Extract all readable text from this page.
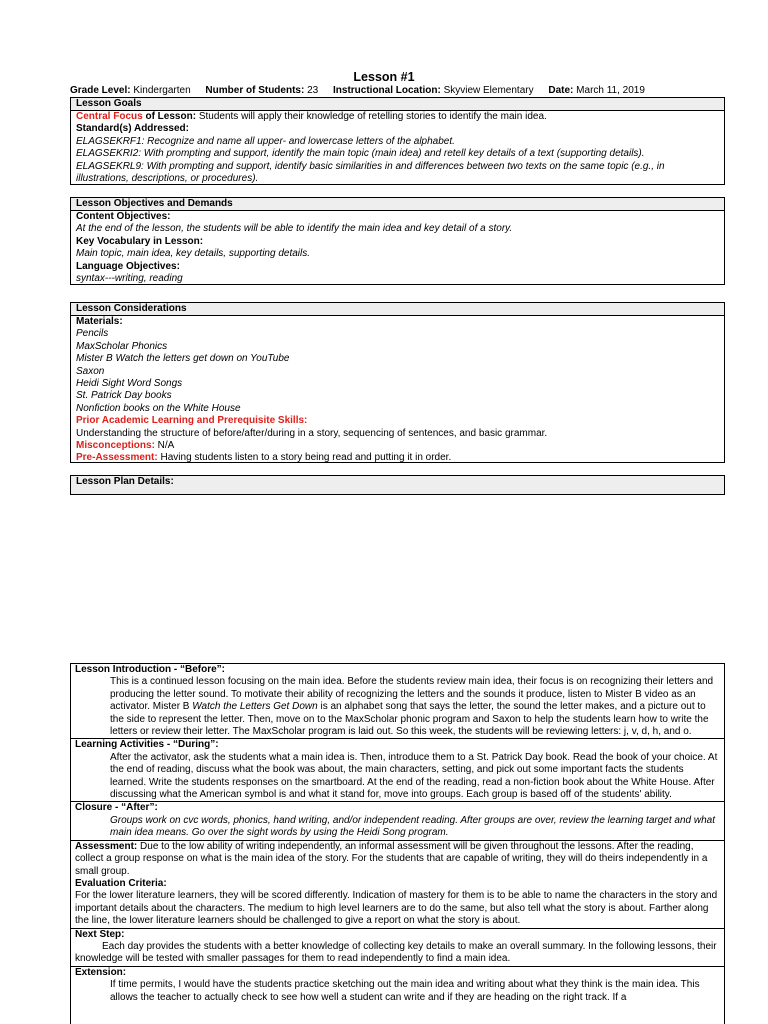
Lesson #1
Grade Level: Kindergarten Number of Students: 23 Instructional Location: Skyview Elementary Date: March 11, 2019
Lesson Goals

Central Focus of Lesson: Students will apply their knowledge of retelling stories to identify the main idea.

Standard(s) Addressed:

ELAGSEKRF1: Recognize and name all upper- and lowercase letters of the alphabet.

ELAGSEKRI2: With prompting and support, identify the main topic (main idea) and retell key details of a text (supporting details).

ELAGSEKRL9: With prompting and support, identify basic similarities in and differences between two texts on the same topic (e.g., in illustrations, descriptions, or procedures).

Lesson Objectives and Demands

Content Objectives:

At the end of the lesson, the students will be able to identify the main idea and key detail of a story.

Key Vocabulary in Lesson:

Main topic, main idea, key details, supporting details.

Language Objectives:

syntax---writing, reading

Lesson Considerations

Materials:

Pencils

MaxScholar Phonics

Mister B Watch the letters get down on YouTube

Saxon

Heidi Sight Word Songs

St. Patrick Day books

Nonfiction books on the White House

Prior Academic Learning and Prerequisite Skills:

Understanding the structure of before/after/during in a story, sequencing of sentences, and basic grammar.

Misconceptions: N/A

Pre-Assessment: Having students listen to a story being read and putting it in order.

Lesson Plan Details:

Lesson Introduction - “Before”:

This is a continued lesson focusing on the main idea. Before the students review main idea, their focus is on recognizing their letters and producing the letter sound. To motivate their ability of recognizing the letters and the sounds it produce, listen to Mister B video as an activator. Mister B Watch the Letters Get Down is an alphabet song that says the letter, the sound the letter makes, and a picture out to the side to represent the letter. Then, move on to the MaxScholar phonic program and Saxon to help the students learn how to write the letters or review their letter. The MaxScholar program is laid out. So this week, the students will be reviewing letters: j, v, d, h, and o.

Learning Activities - “During”:

After the activator, ask the students what a main idea is. Then, introduce them to a St. Patrick Day book. Read the book of your choice. At the end of reading, discuss what the book was about, the main characters, setting, and pick out some important facts the students learned. Write the students responses on the smartboard. At the end of the reading, read a non-fiction book about the White House. After discussing what the American symbol is and what it stand for, move into groups. Each group is based off of the students' ability.

Closure - “After”:

Groups work on cvc words, phonics, hand writing, and/or independent reading. After groups are over, review the learning target and what main idea means. Go over the sight words by using the Heidi Song program.

Assessment: Due to the low ability of writing independently, an informal assessment will be given throughout the lessons. After the reading, collect a group response on what is the main idea of the story. For the students that are capable of writing, they will do theirs independently in a small group.

Evaluation Criteria:

For the lower literature learners, they will be scored differently. Indication of mastery for them is to be able to name the characters in the story and important details about the characters. The medium to high level learners are to do the same, but also tell what the story is about. Farther along the line, the lower literature learners should be challenged to give a report on what the story is about.

Next Step:

Each day provides the students with a better knowledge of collecting key details to make an overall summary. In the following lessons, their knowledge will be tested with smaller passages for them to read independently to find a main idea.

Extension:

If time permits, I would have the students practice sketching out the main idea and writing about what they think is the main idea. This allows the teacher to actually check to see how well a student can write and if they are heading on the right track. If a
